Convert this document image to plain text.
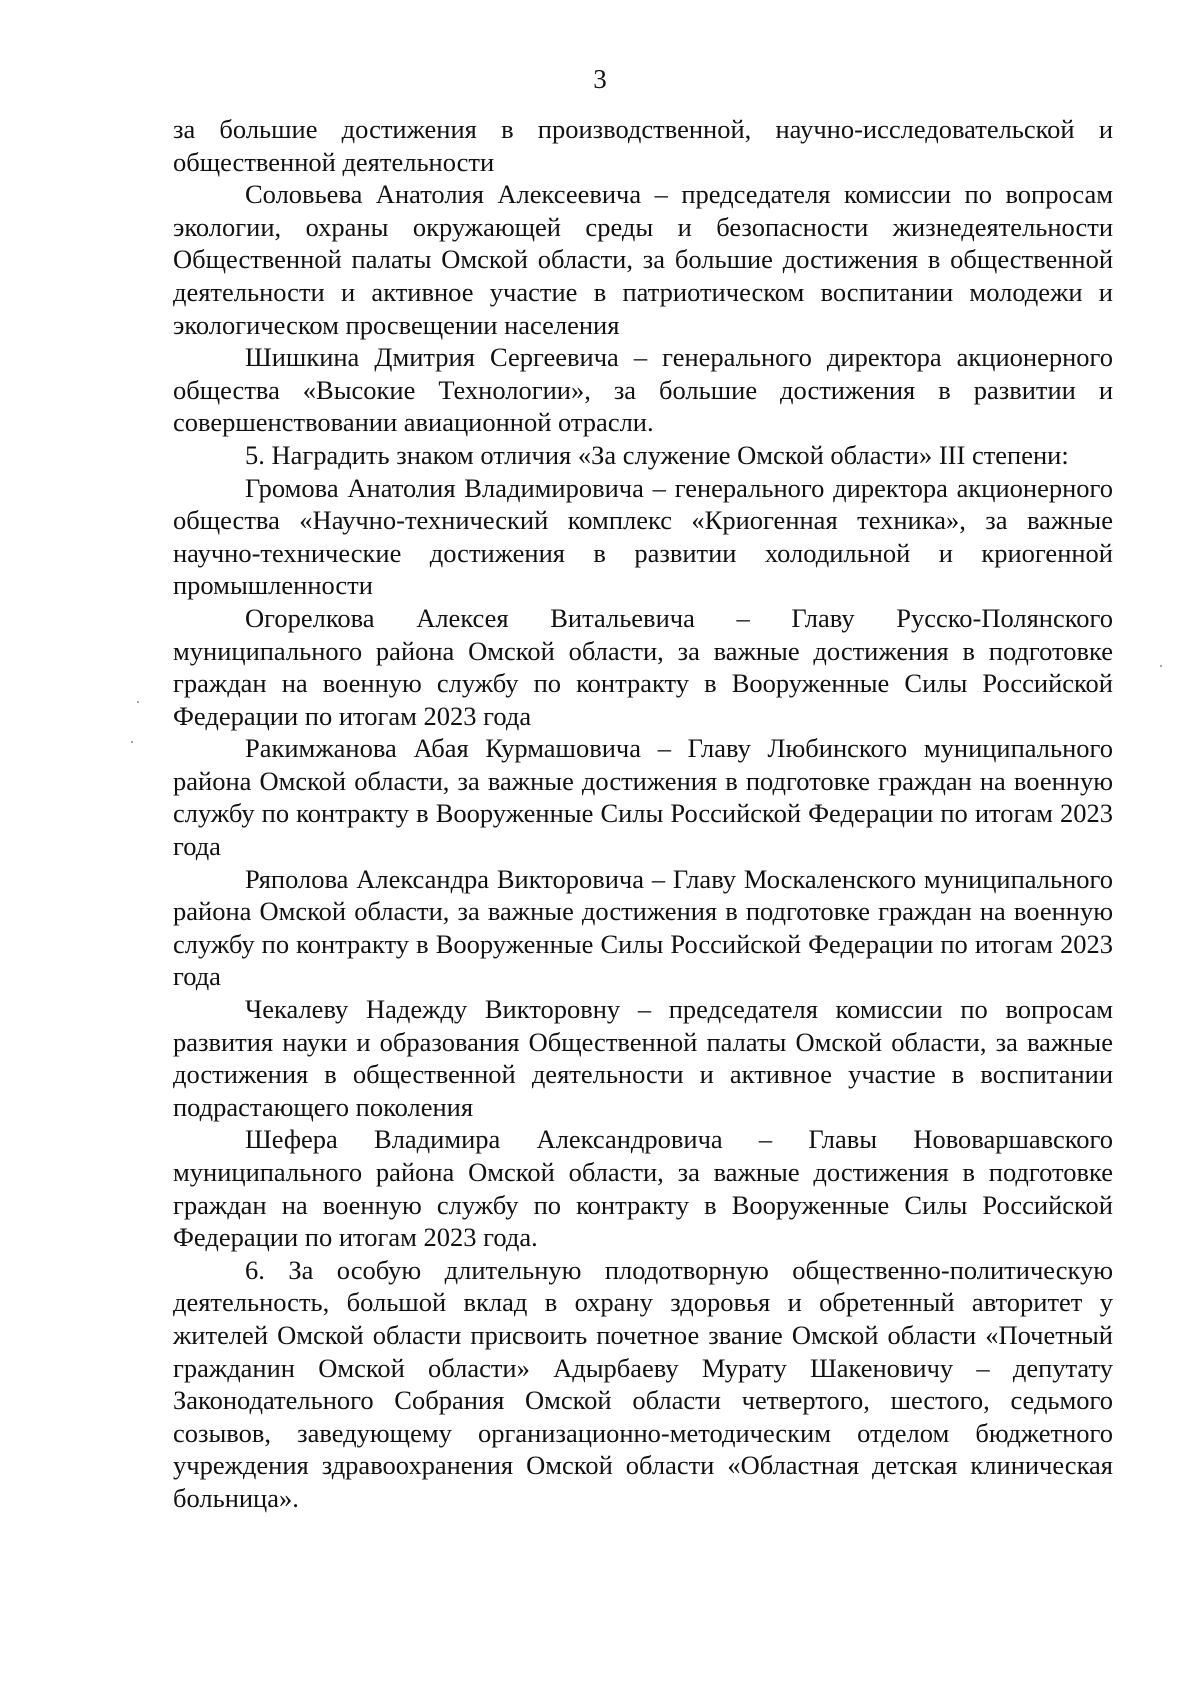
3

за большие достижения в производственной, научно-исследовательской и общественной деятельности

Соловьева Анатолия Алексеевича – председателя комиссии по вопросам экологии, охраны окружающей среды и безопасности жизнедеятельности Общественной палаты Омской области, за большие достижения в общественной деятельности и активное участие в патриотическом воспитании молодежи и экологическом просвещении населения

Шишкина Дмитрия Сергеевича – генерального директора акционерного общества «Высокие Технологии», за большие достижения в развитии и совершенствовании авиационной отрасли.

5. Наградить знаком отличия «За служение Омской области» III степени:

Громова Анатолия Владимировича – генерального директора акционерного общества «Научно-технический комплекс «Криогенная техника», за важные научно-технические достижения в развитии холодильной и криогенной промышленности

Огорелкова Алексея Витальевича – Главу Русско-Полянского муниципального района Омской области, за важные достижения в подготовке граждан на военную службу по контракту в Вооруженные Силы Российской Федерации по итогам 2023 года

Ракимжанова Абая Курмашовича – Главу Любинского муниципального района Омской области, за важные достижения в подготовке граждан на военную службу по контракту в Вооруженные Силы Российской Федерации по итогам 2023 года

Ряполова Александра Викторовича – Главу Москаленского муниципального района Омской области, за важные достижения в подготовке граждан на военную службу по контракту в Вооруженные Силы Российской Федерации по итогам 2023 года

Чекалеву Надежду Викторовну – председателя комиссии по вопросам развития науки и образования Общественной палаты Омской области, за важные достижения в общественной деятельности и активное участие в воспитании подрастающего поколения

Шефера Владимира Александровича – Главы Нововаршавского муниципального района Омской области, за важные достижения в подготовке граждан на военную службу по контракту в Вооруженные Силы Российской Федерации по итогам 2023 года.

6. За особую длительную плодотворную общественно-политическую деятельность, большой вклад в охрану здоровья и обретенный авторитет у жителей Омской области присвоить почетное звание Омской области «Почетный гражданин Омской области» Адырбаеву Мурату Шакеновичу – депутату Законодательного Собрания Омской области четвертого, шестого, седьмого созывов, заведующему организационно-методическим отделом бюджетного учреждения здравоохранения Омской области «Областная детская клиническая больница».
